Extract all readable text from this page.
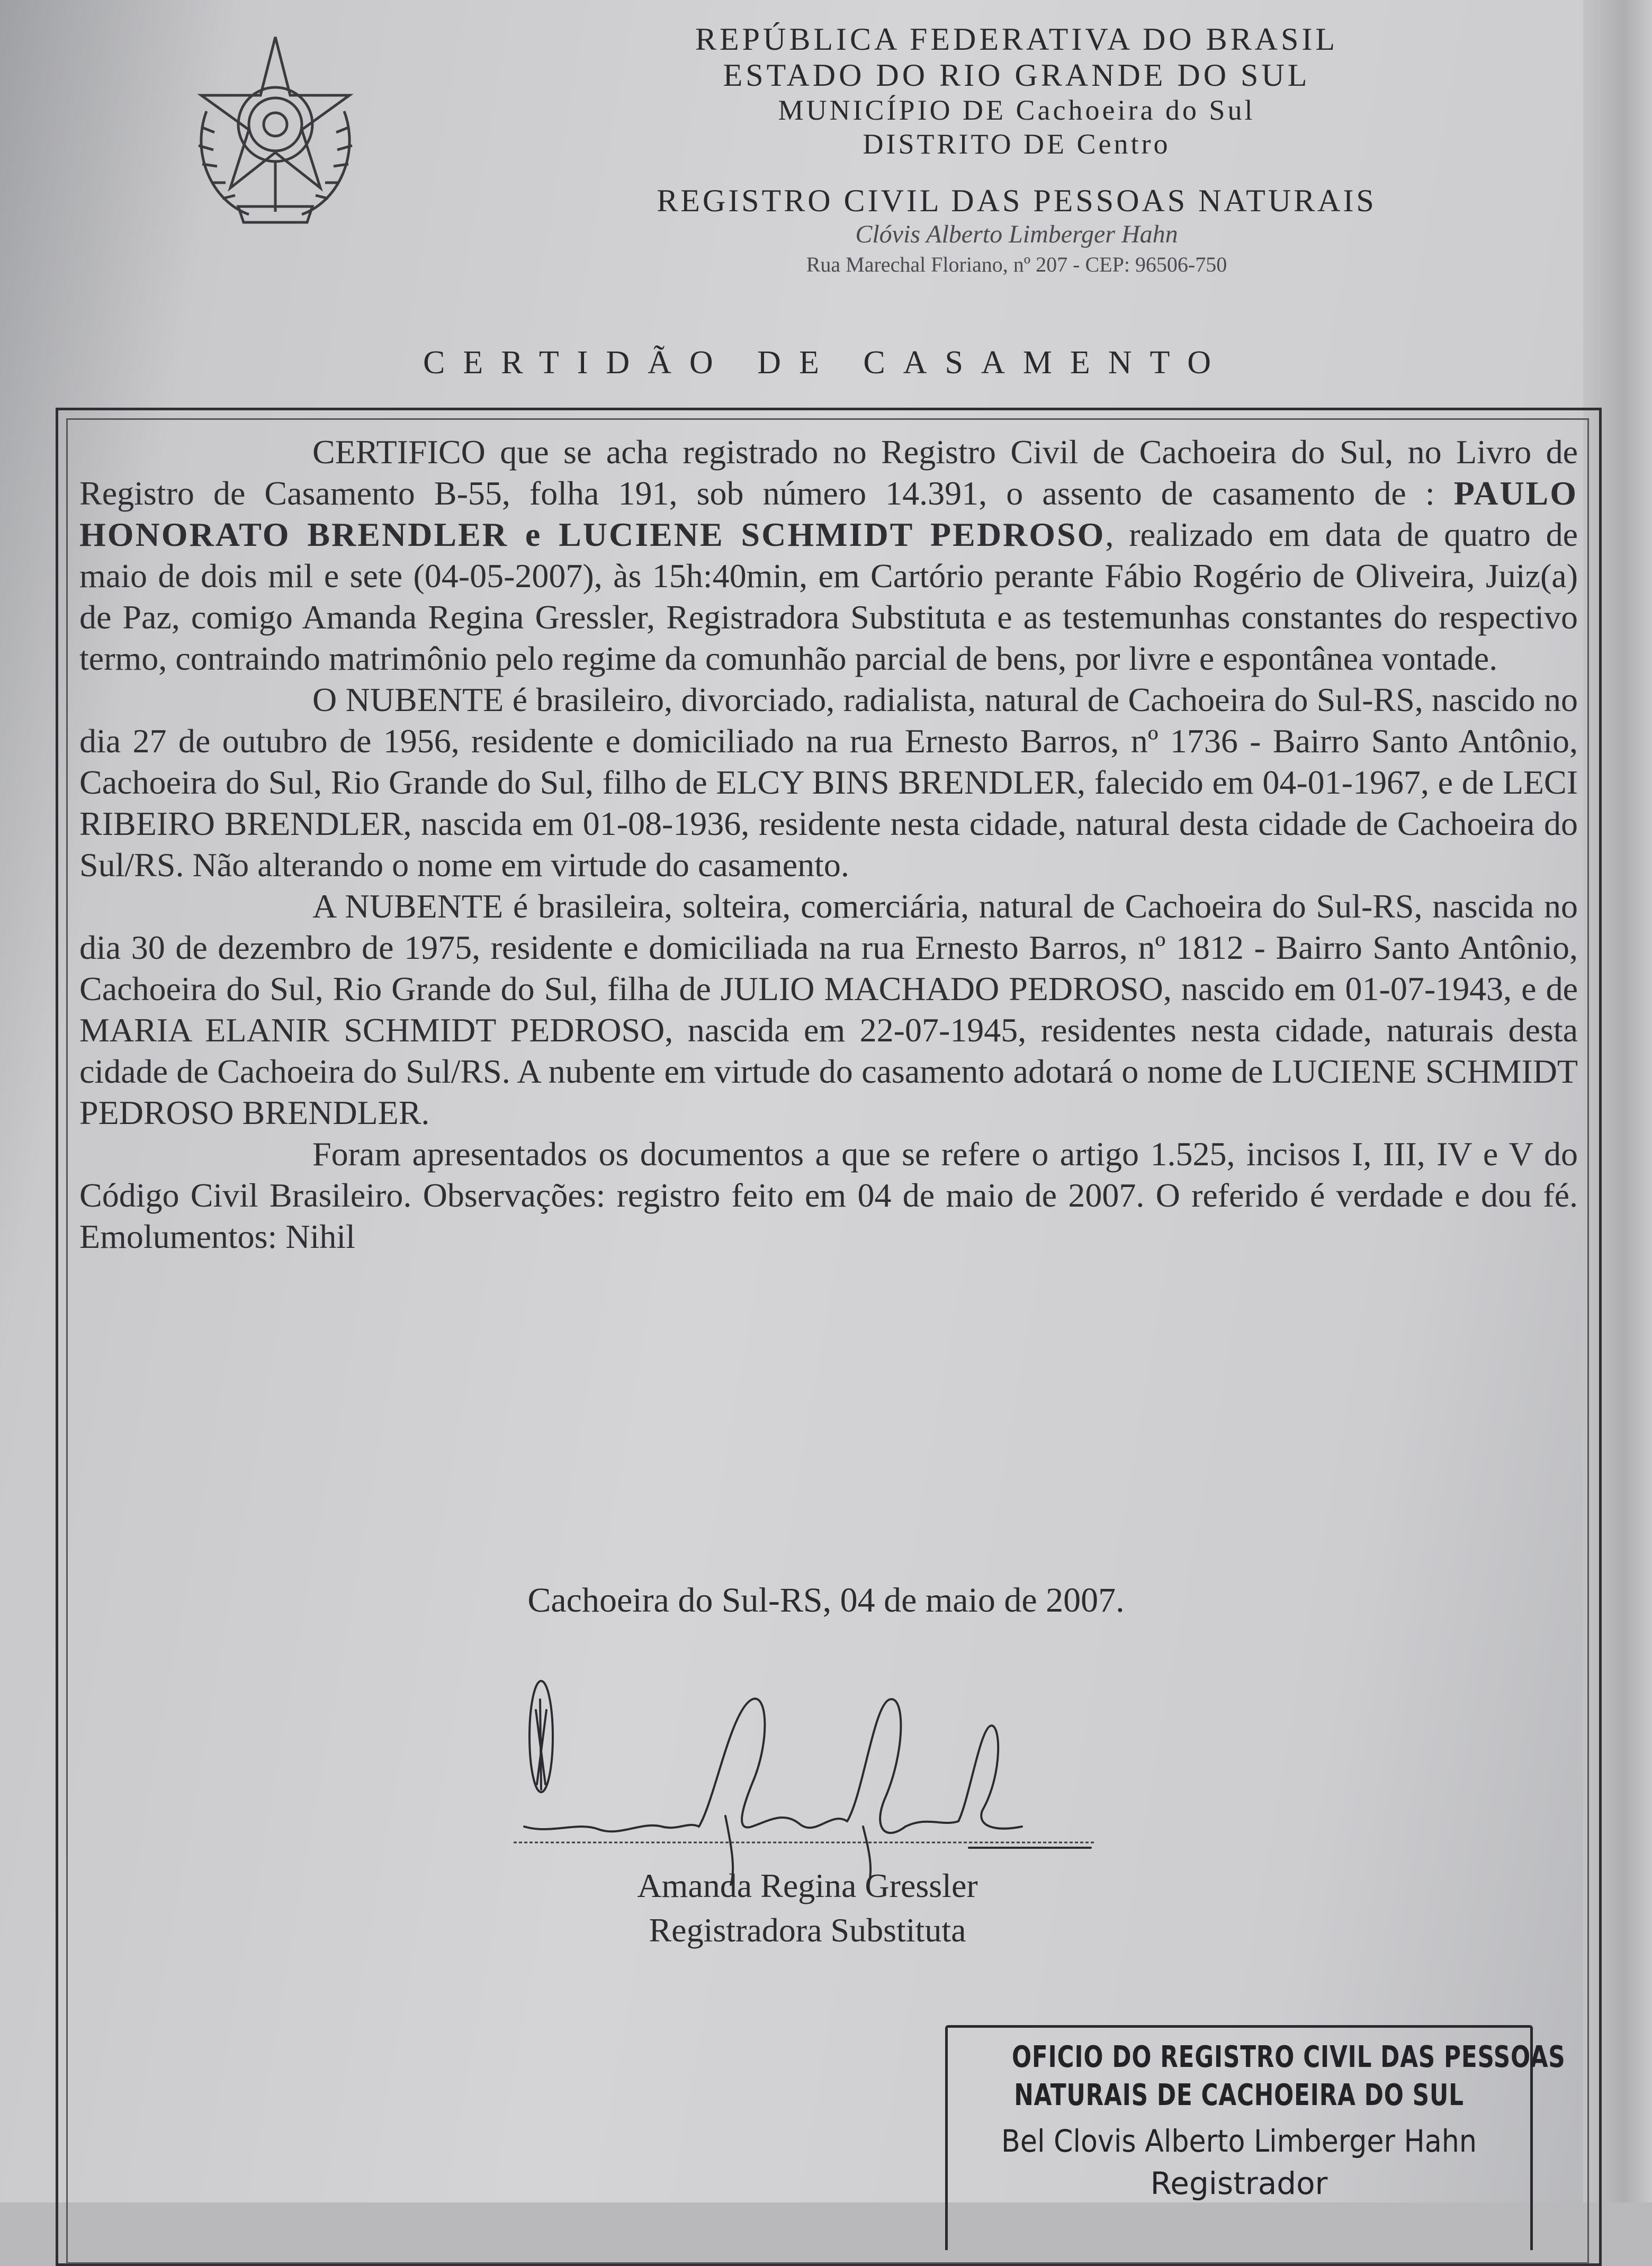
REPÚBLICA FEDERATIVA DO BRASIL
ESTADO DO RIO GRANDE DO SUL
MUNICÍPIO DE Cachoeira do Sul
DISTRITO DE Centro
REGISTRO CIVIL DAS PESSOAS NATURAIS
Clóvis Alberto Limberger Hahn
Rua Marechal Floriano, nº 207 - CEP: 96506-750
CERTIDÃO DE CASAMENTO

CERTIFICO que se acha registrado no Registro Civil de Cachoeira do Sul, no Livro de Registro de Casamento B-55, folha 191, sob número 14.391, o assento de casamento de : PAULO HONORATO BRENDLER e LUCIENE SCHMIDT PEDROSO, realizado em data de quatro de maio de dois mil e sete (04-05-2007), às 15h:40min, em Cartório perante Fábio Rogério de Oliveira, Juiz(a) de Paz, comigo Amanda Regina Gressler, Registradora Substituta e as testemunhas constantes do respectivo termo, contraindo matrimônio pelo regime da comunhão parcial de bens, por livre e espontânea vontade.

O NUBENTE é brasileiro, divorciado, radialista, natural de Cachoeira do Sul-RS, nascido no dia 27 de outubro de 1956, residente e domiciliado na rua Ernesto Barros, nº 1736 - Bairro Santo Antônio, Cachoeira do Sul, Rio Grande do Sul, filho de ELCY BINS BRENDLER, falecido em 04-01-1967, e de LECI RIBEIRO BRENDLER, nascida em 01-08-1936, residente nesta cidade, natural desta cidade de Cachoeira do Sul/RS. Não alterando o nome em virtude do casamento.

A NUBENTE é brasileira, solteira, comerciária, natural de Cachoeira do Sul-RS, nascida no dia 30 de dezembro de 1975, residente e domiciliada na rua Ernesto Barros, nº 1812 - Bairro Santo Antônio, Cachoeira do Sul, Rio Grande do Sul, filha de JULIO MACHADO PEDROSO, nascido em 01-07-1943, e de MARIA ELANIR SCHMIDT PEDROSO, nascida em 22-07-1945, residentes nesta cidade, naturais desta cidade de Cachoeira do Sul/RS. A nubente em virtude do casamento adotará o nome de LUCIENE SCHMIDT PEDROSO BRENDLER.

Foram apresentados os documentos a que se refere o artigo 1.525, incisos I, III, IV e V do Código Civil Brasileiro. Observações: registro feito em 04 de maio de 2007. O referido é verdade e dou fé. Emolumentos: Nihil

Cachoeira do Sul-RS, 04 de maio de 2007.
Amanda Regina Gressler
Registradora Substituta
OFICIO DO REGISTRO CIVIL DAS PESSOAS
NATURAIS DE CACHOEIRA DO SUL
Bel Clovis Alberto Limberger Hahn
Registrador
